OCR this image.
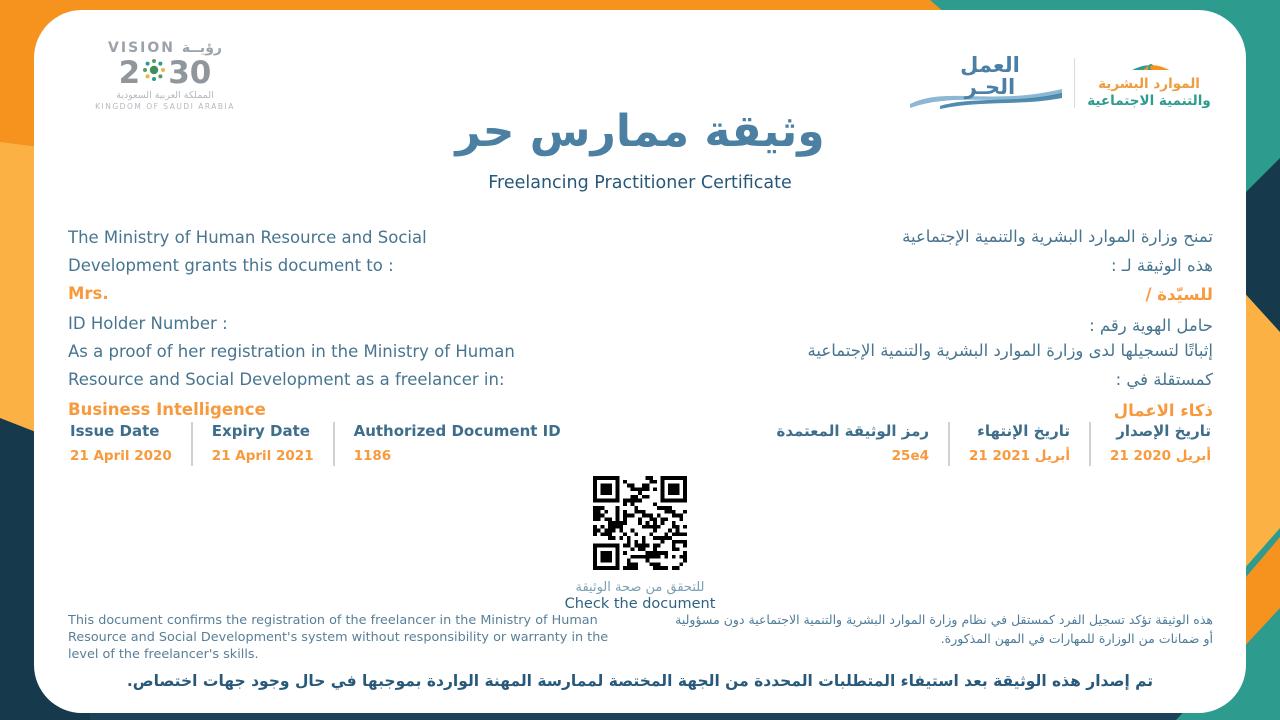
VISION رؤيــة
2 30
المملكة العربية السعودية
KINGDOM OF SAUDI ARABIA
العمل
الحـر	الموارد البشرية
والتنمية الاجتماعية
وثيقة ممارس حر
Freelancing Practitioner Certificate
The Ministry of Human Resource and Social
Development grants this document to :
Mrs.
ID Holder Number :
تمنح وزارة الموارد البشرية والتنمية الإجتماعية
هذه الوثيقة لـ :
للسيّدة /
حامل الهوية رقم :
As a proof of her registration in the Ministry of Human
Resource and Social Development as a freelancer in:
Business Intelligence
إثباتًا لتسجيلها لدى وزارة الموارد البشرية والتنمية الإجتماعية
كمستقلة في :
ذكاء الاعمال
Issue Date
21 April 2020
Expiry Date
21 April 2021
Authorized Document ID
1186
تاريخ الإصدار
21 أبريل 2020
تاريخ الإنتهاء
21 أبريل 2021
رمز الوثيقة المعتمدة
25e4
للتحقق من صحة الوثيقة
Check the document
This document confirms the registration of the freelancer in the Ministry of Human Resource and Social Development's system without responsibility or warranty in the level of the freelancer's skills.
هذه الوثيقة تؤكد تسجيل الفرد كمستقل في نظام وزارة الموارد البشرية والتنمية الاجتماعية دون مسؤولية أو ضمانات من الوزارة للمهارات في المهن المذكورة.
تم إصدار هذه الوثيقة بعد استيفاء المتطلبات المحددة من الجهة المختصة لممارسة المهنة الواردة بموجبها في حال وجود جهات اختصاص.
